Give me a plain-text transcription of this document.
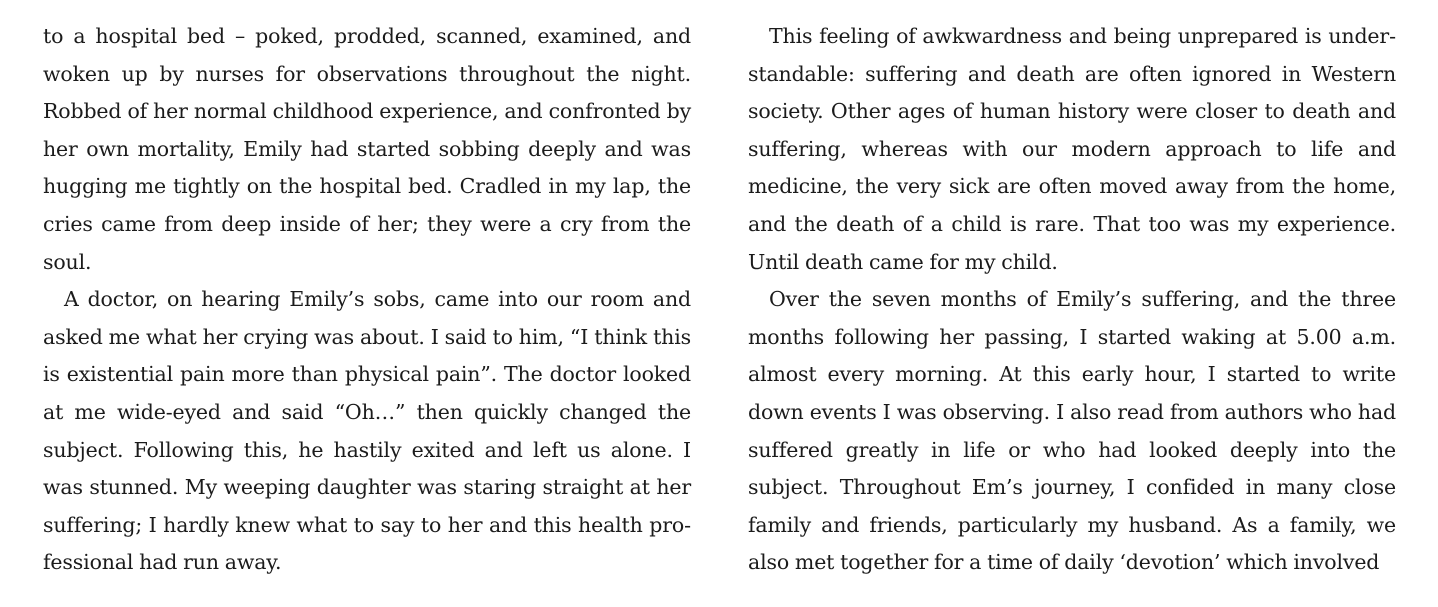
to a hospital bed – poked, prodded, scanned, examined, and woken up by nurses for observations throughout the night. Robbed of her normal childhood experience, and confronted by her own mortality, Emily had started sobbing deeply and was hugging me tightly on the hospital bed. Cradled in my lap, the cries came from deep inside of her; they were a cry from the soul.

A doctor, on hearing Emily’s sobs, came into our room and asked me what her crying was about. I said to him, “I think this is existential pain more than physical pain”. The doctor looked at me wide-eyed and said “Oh…” then quickly changed the subject. Following this, he hastily exited and left us alone. I was stunned. My weeping daughter was staring straight at her suffering; I hardly knew what to say to her and this health professional had run away.

This feeling of awkwardness and being unprepared is understandable: suffering and death are often ignored in Western society. Other ages of human history were closer to death and suffering, whereas with our modern approach to life and medicine, the very sick are often moved away from the home, and the death of a child is rare. That too was my experience. Until death came for my child.

Over the seven months of Emily’s suffering, and the three months following her passing, I started waking at 5.00 a.m. almost every morning. At this early hour, I started to write down events I was observing. I also read from authors who had suffered greatly in life or who had looked deeply into the subject. Throughout Em’s journey, I confided in many close family and friends, particularly my husband. As a family, we also met together for a time of daily ‘devotion’ which involved
